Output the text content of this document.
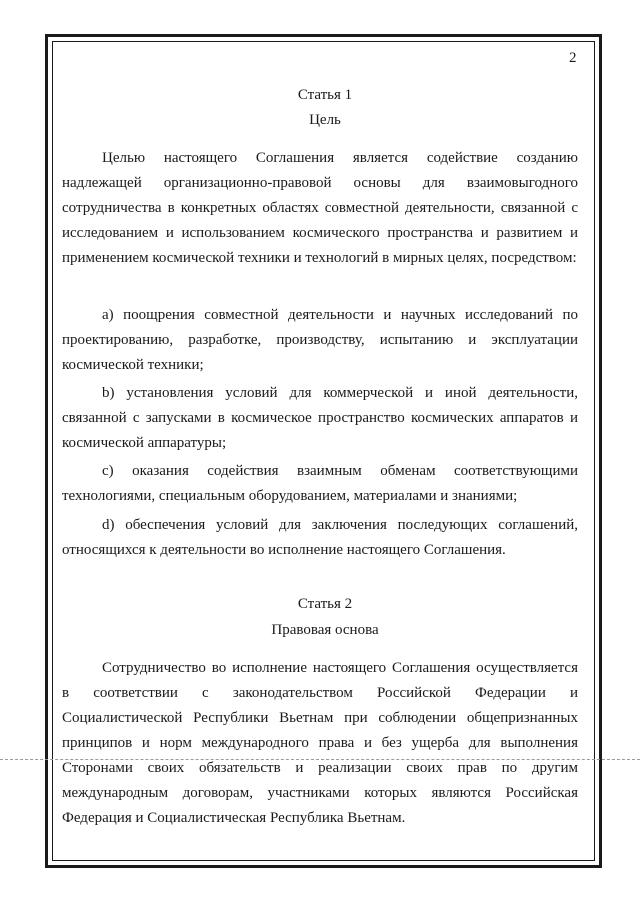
2
Статья 1
Цель
Целью настоящего Соглашения является содействие созданию надлежащей организационно-правовой основы для взаимовыгодного сотрудничества в конкретных областях совместной деятельности, связанной с исследованием и использованием космического пространства и развитием и применением космической техники и технологий в мирных целях, посредством:
a) поощрения совместной деятельности и научных исследований по проектированию, разработке, производству, испытанию и эксплуатации космической техники;
b) установления условий для коммерческой и иной деятельности, связанной с запусками в космическое пространство космических аппаратов и космической аппаратуры;
c) оказания содействия взаимным обменам соответствующими технологиями, специальным оборудованием, материалами и знаниями;
d) обеспечения условий для заключения последующих соглашений, относящихся к деятельности во исполнение настоящего Соглашения.
Статья 2
Правовая основа
Сотрудничество во исполнение настоящего Соглашения осуществляется в соответствии с законодательством Российской Федерации и Социалистической Республики Вьетнам при соблюдении общепризнанных принципов и норм международного права и без ущерба для выполнения Сторонами своих обязательств и реализации своих прав по другим международным договорам, участниками которых являются Российская Федерация и Социалистическая Республика Вьетнам.
